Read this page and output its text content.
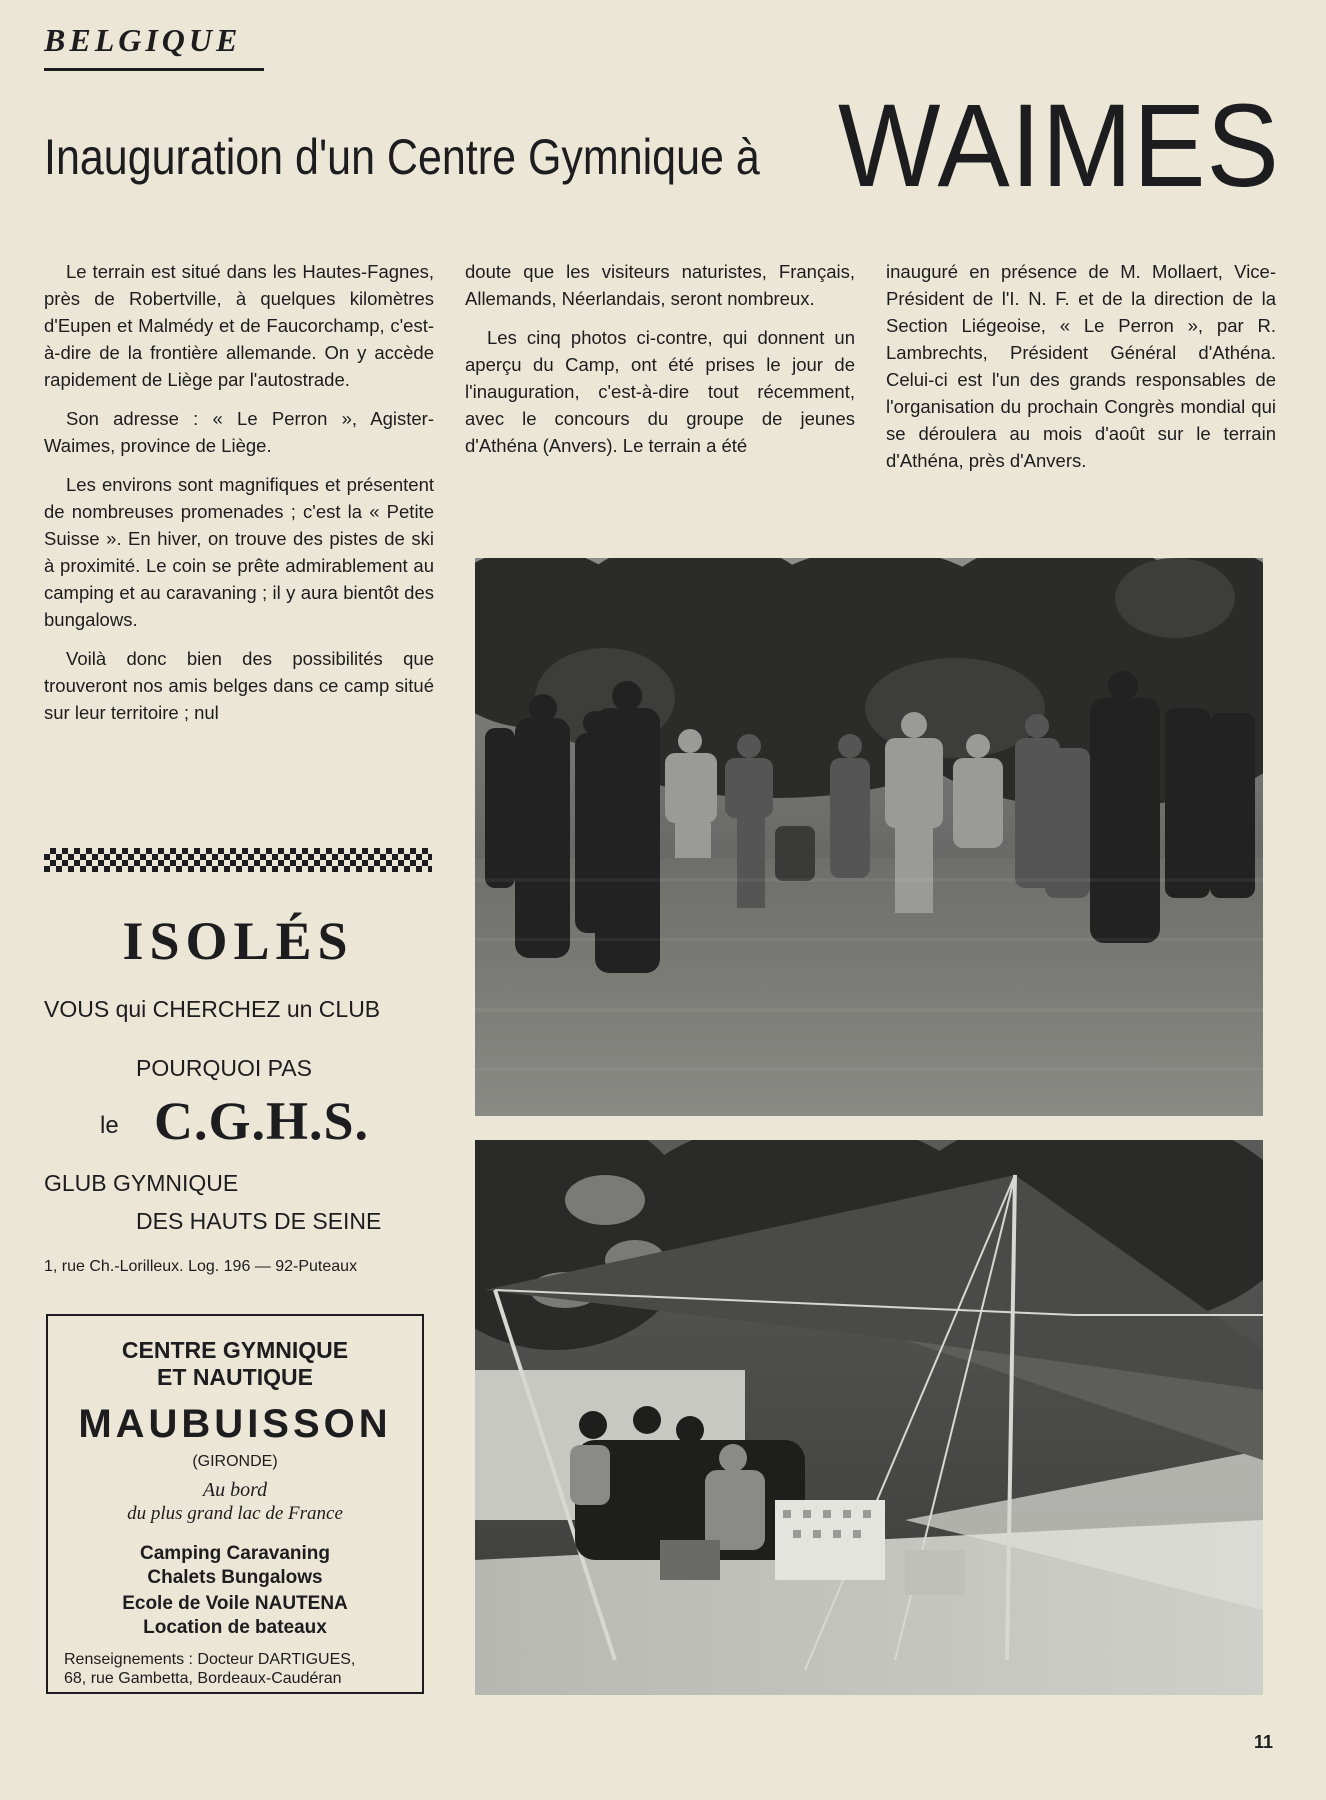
BELGIQUE
Inauguration d'un Centre Gymnique à WAIMES

Le terrain est situé dans les Hautes-Fagnes, près de Robertville, à quelques kilomètres d'Eupen et Malmédy et de Faucorchamp, c'est-à-dire de la frontière allemande. On y accède rapidement de Liège par l'autostrade.

Son adresse : « Le Perron », Agister-Waimes, province de Liège.

Les environs sont magnifiques et présentent de nombreuses promenades ; c'est la « Petite Suisse ». En hiver, on trouve des pistes de ski à proximité. Le coin se prête admirablement au camping et au caravaning ; il y aura bientôt des bungalows.

Voilà donc bien des possibilités que trouveront nos amis belges dans ce camp situé sur leur territoire ; nul

doute que les visiteurs naturistes, Français, Allemands, Néerlandais, seront nombreux.

Les cinq photos ci-contre, qui donnent un aperçu du Camp, ont été prises le jour de l'inauguration, c'est-à-dire tout récemment, avec le concours du groupe de jeunes d'Athéna (Anvers). Le terrain a été

inauguré en présence de M. Mollaert, Vice-Président de l'I. N. F. et de la direction de la Section Liégeoise, « Le Perron », par R. Lambrechts, Président Général d'Athéna. Celui-ci est l'un des grands responsables de l'organisation du prochain Congrès mondial qui se déroulera au mois d'août sur le terrain d'Athéna, près d'Anvers.

ISOLÉS
VOUS qui CHERCHEZ un CLUB
POURQUOI PAS
le C.G.H.S.
GLUB GYMNIQUE
DES HAUTS DE SEINE
1, rue Ch.-Lorilleux. Log. 196 — 92-Puteaux
CENTRE GYMNIQUE
ET NAUTIQUE
MAUBUISSON
(GIRONDE)
Au bord
du plus grand lac de France
Camping Caravaning
Chalets Bungalows
Ecole de Voile NAUTENA
Location de bateaux
Renseignements : Docteur DARTIGUES,
68, rue Gambetta, Bordeaux-Caudéran
11
